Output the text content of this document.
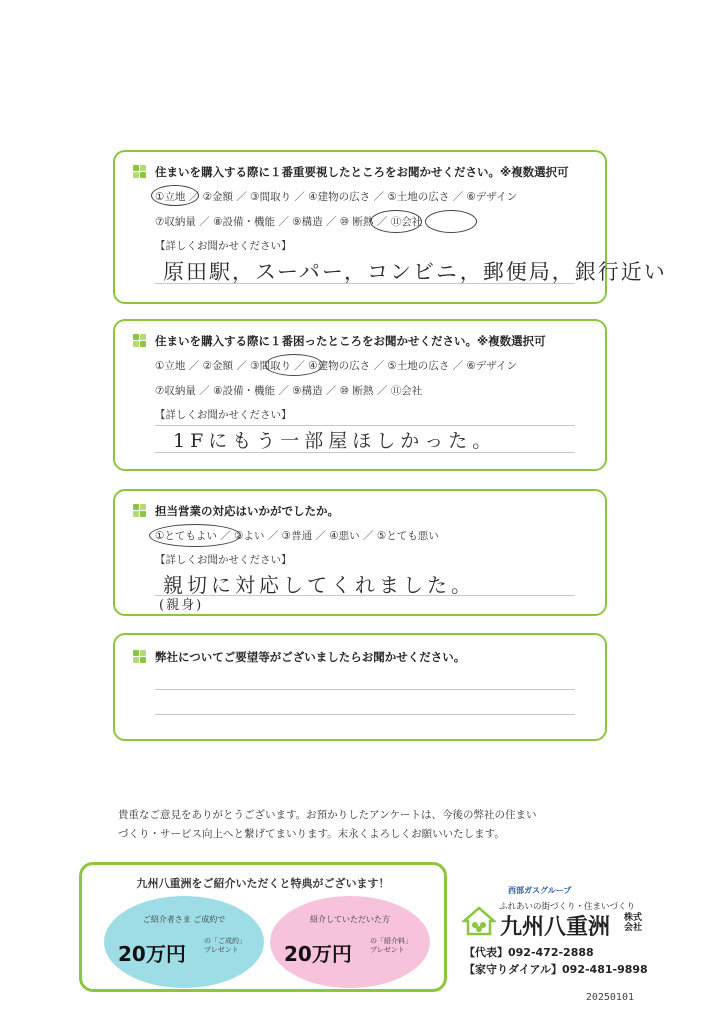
住まいを購入する際に１番重要視したところをお聞かせください。※複数選択可
①立地 ／ ②金額 ／ ③間取り ／ ④建物の広さ ／ ⑤土地の広さ ／ ⑥デザイン
⑦収納量 ／ ⑧設備・機能 ／ ⑨構造 ／ ⑩ 断熱 ／ ⑪会社
【詳しくお聞かせください】
原田駅，スーパー，コンビニ，郵便局，銀行近い
住まいを購入する際に１番困ったところをお聞かせください。※複数選択可
①立地 ／ ②金額 ／ ③間取り ／ ④建物の広さ ／ ⑤土地の広さ ／ ⑥デザイン
⑦収納量 ／ ⑧設備・機能 ／ ⑨構造 ／ ⑩ 断熱 ／ ⑪会社
【詳しくお聞かせください】
1Fにもう一部屋ほしかった。
担当営業の対応はいかがでしたか。
①とてもよい ／ ②よい ／ ③普通 ／ ④悪い ／ ⑤とても悪い
【詳しくお聞かせください】
親切に対応してくれました。
(親身)
弊社についてご要望等がございましたらお聞かせください。
貴重なご意見をありがとうございます。お預かりしたアンケートは、今後の弊社の住まい
づくり・サービス向上へと繋げてまいります。末永くよろしくお願いいたします。
九州八重洲をご紹介いただくと特典がございます！
ご紹介者さま ご成約で
20万円
の「ご成約」
プレゼント
紹介していただいた方
20万円
の「紹介料」
プレゼント
西部ガスグループ
ふれあいの街づくり・住まいづくり
九州八重洲 株式会社
【代表】092-472-2888
【家守りダイアル】092-481-9898
20250101
